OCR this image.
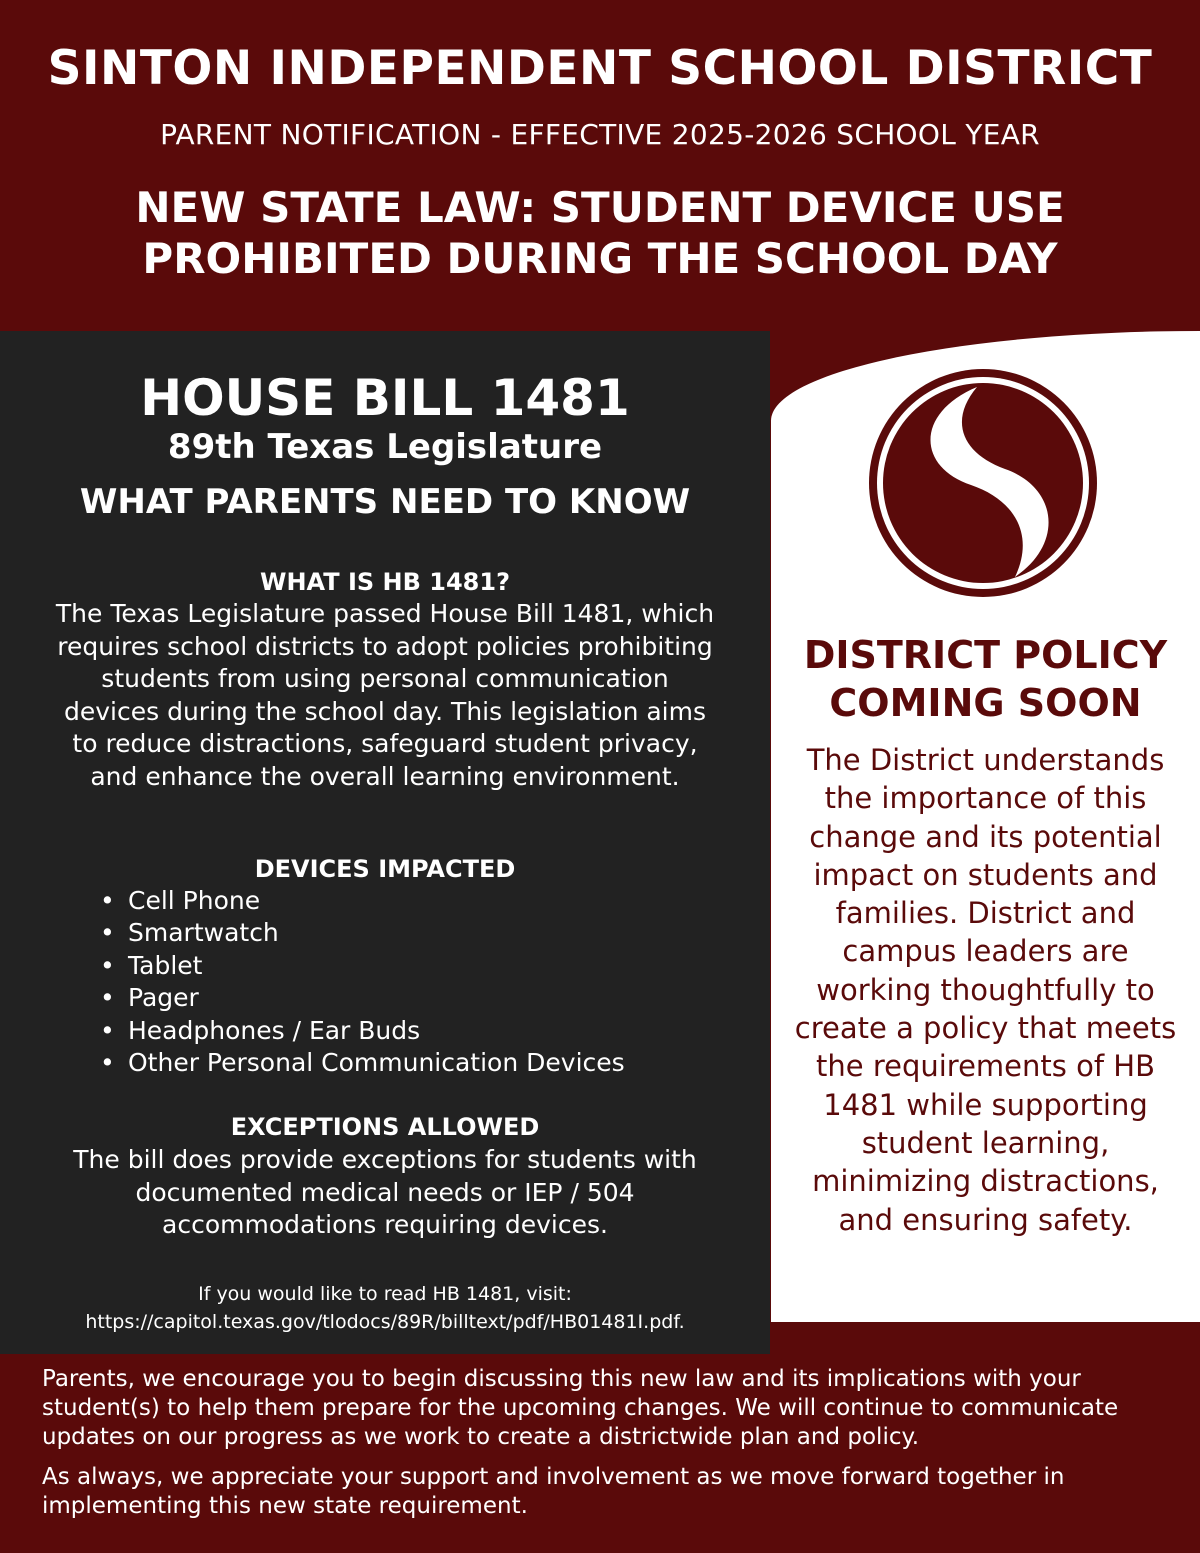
SINTON INDEPENDENT SCHOOL DISTRICT
PARENT NOTIFICATION - EFFECTIVE 2025-2026 SCHOOL YEAR
NEW STATE LAW: STUDENT DEVICE USE
PROHIBITED DURING THE SCHOOL DAY
HOUSE BILL 1481
89th Texas Legislature
WHAT PARENTS NEED TO KNOW
WHAT IS HB 1481?
The Texas Legislature passed House Bill 1481, which requires school districts to adopt policies prohibiting students from using personal communication devices during the school day. This legislation aims to reduce distractions, safeguard student privacy, and enhance the overall learning environment.
DEVICES IMPACTED
• Cell Phone
• Smartwatch
• Tablet
• Pager
• Headphones / Ear Buds
• Other Personal Communication Devices
EXCEPTIONS ALLOWED
The bill does provide exceptions for students with documented medical needs or IEP / 504 accommodations requiring devices.
If you would like to read HB 1481, visit:
https://capitol.texas.gov/tlodocs/89R/billtext/pdf/HB01481I.pdf.
DISTRICT POLICY
COMING SOON
The District understands the importance of this change and its potential impact on students and families. District and campus leaders are working thoughtfully to create a policy that meets the requirements of HB 1481 while supporting student learning, minimizing distractions, and ensuring safety.
Parents, we encourage you to begin discussing this new law and its implications with your student(s) to help them prepare for the upcoming changes. We will continue to communicate updates on our progress as we work to create a districtwide plan and policy.
As always, we appreciate your support and involvement as we move forward together in implementing this new state requirement.
